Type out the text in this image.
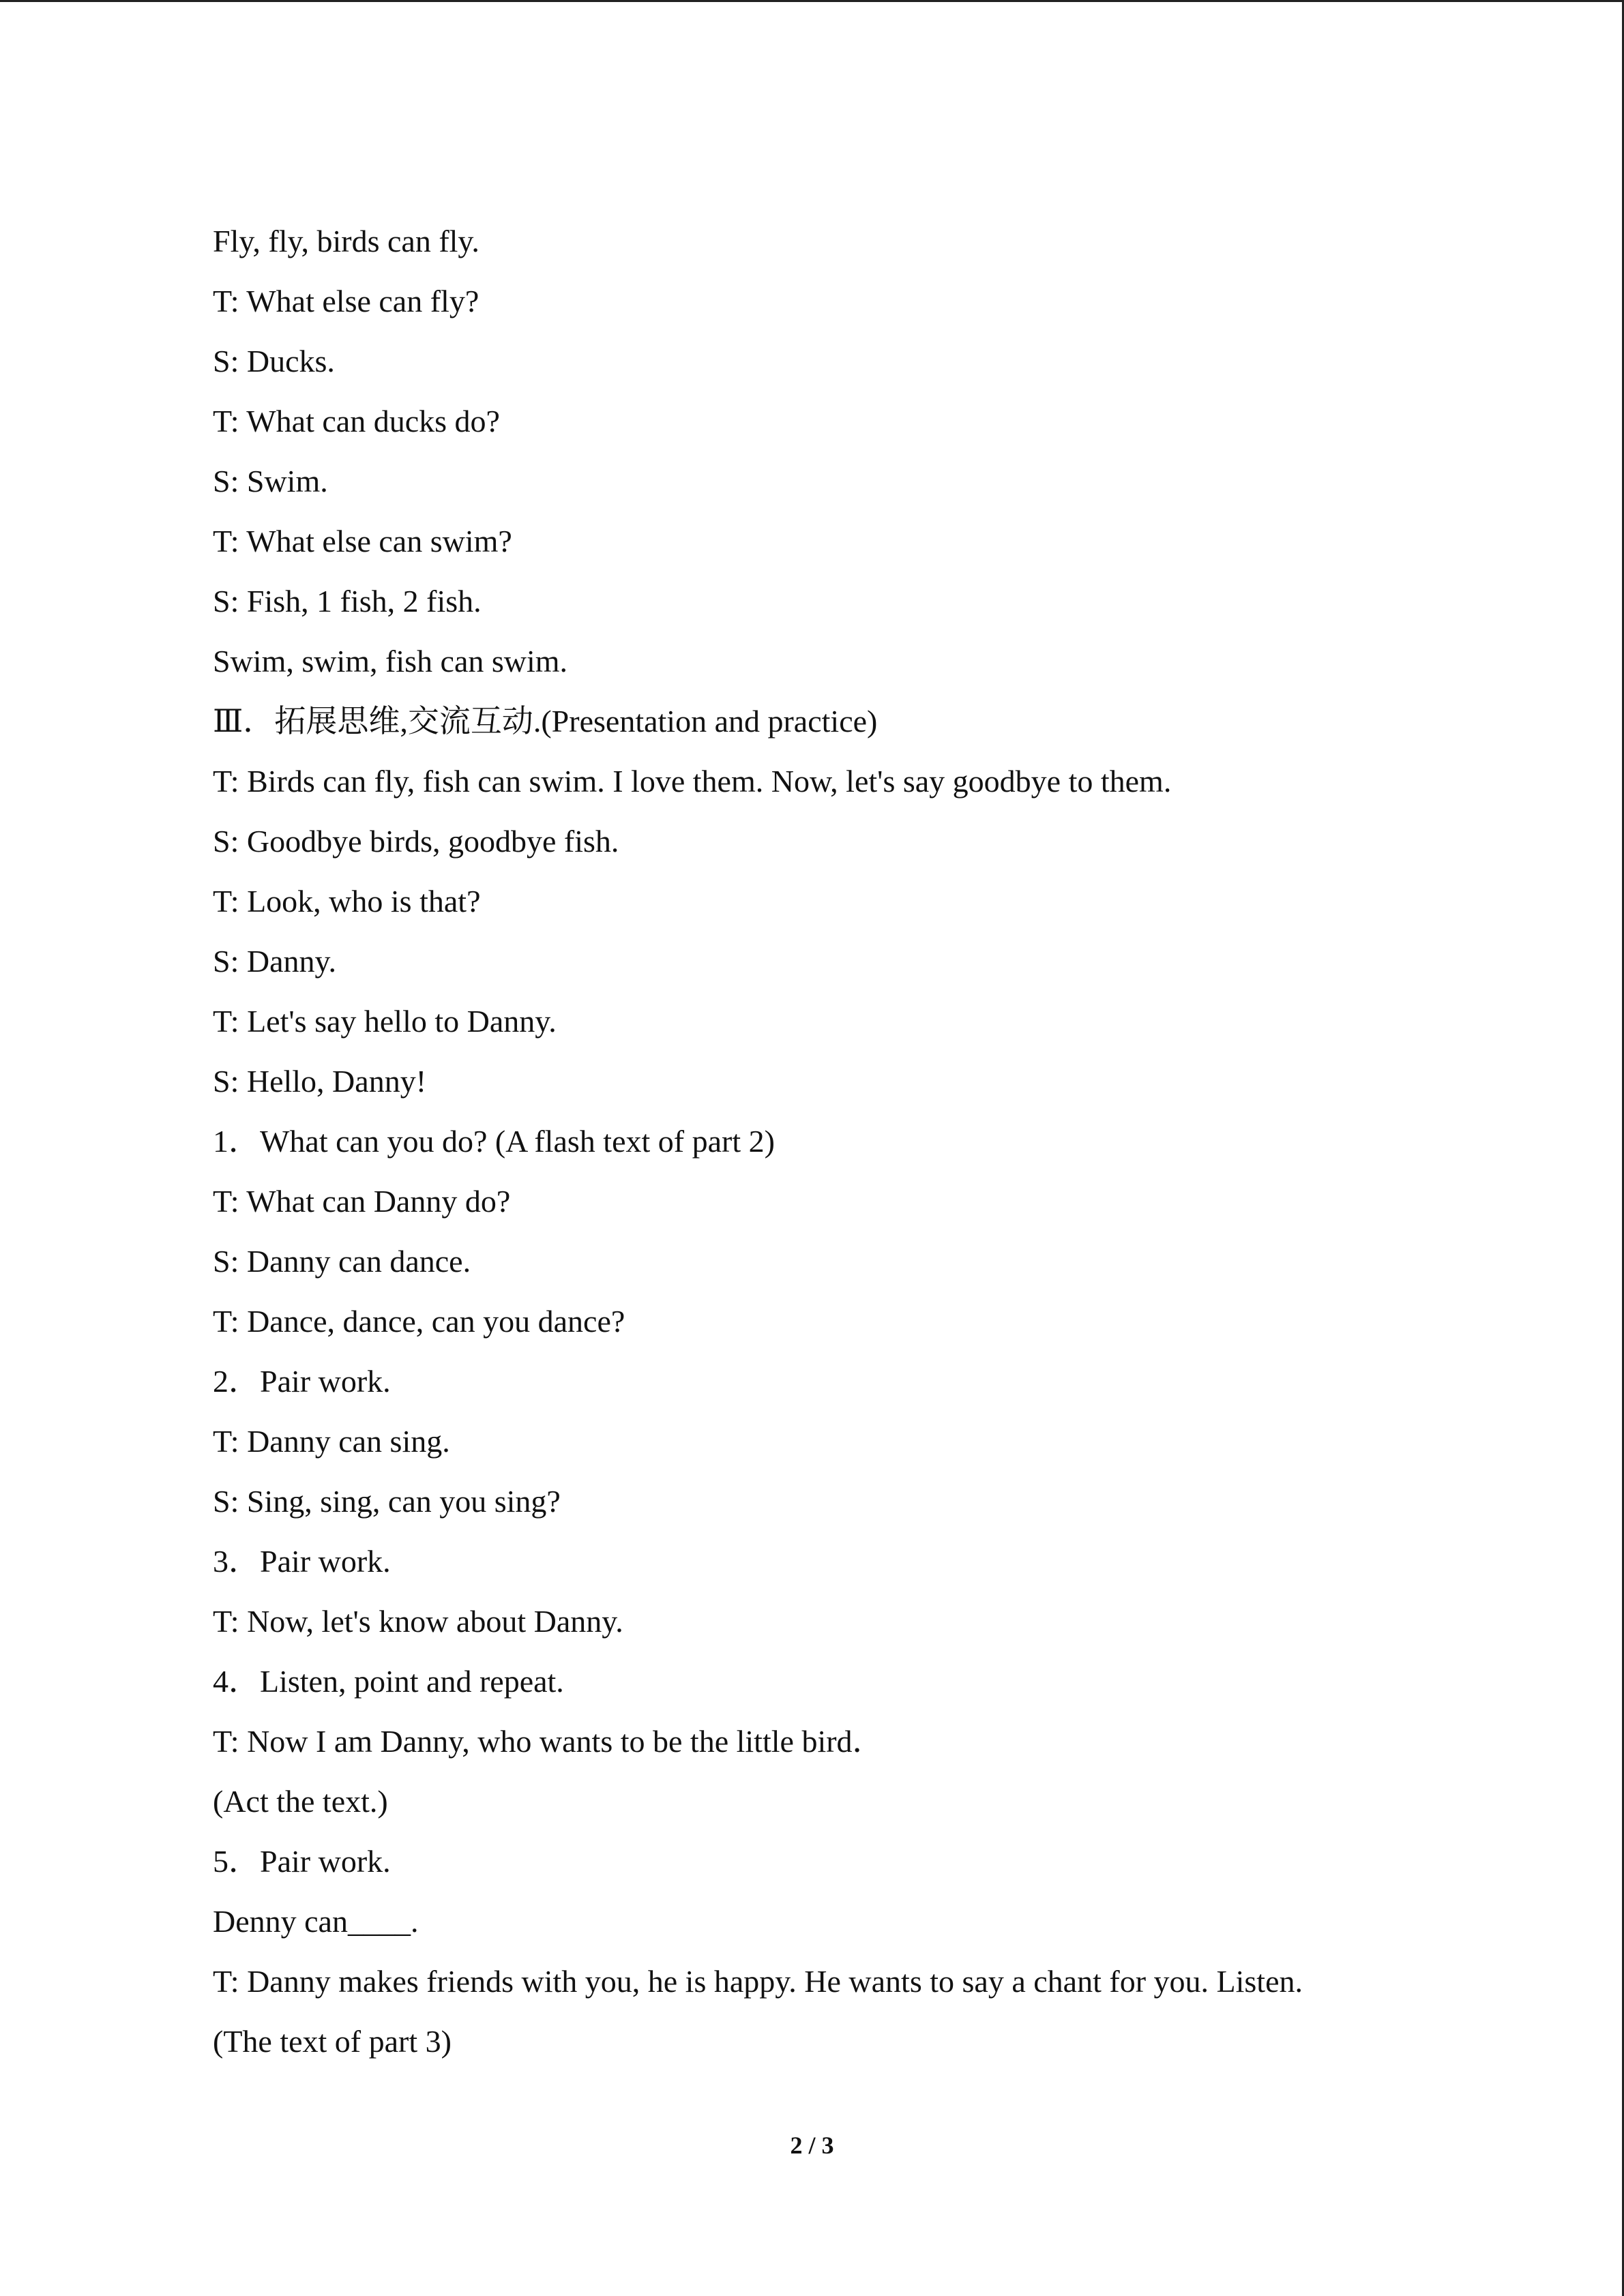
Fly, fly, birds can fly.
T: What else can fly?
S: Ducks.
T: What can ducks do?
S: Swim.
T: What else can swim?
S: Fish, 1 fish, 2 fish.
Swim, swim, fish can swim.
Ⅲ．拓展思维,交流互动.(Presentation and practice)
T: Birds can fly, fish can swim. I love them. Now, let's say goodbye to them.
S: Goodbye birds, goodbye fish.
T: Look, who is that?
S: Danny.
T: Let's say hello to Danny.
S: Hello, Danny!
1．What can you do? (A flash text of part 2)
T: What can Danny do?
S: Danny can dance.
T: Dance, dance, can you dance?
2．Pair work.
T: Danny can sing.
S: Sing, sing, can you sing?
3．Pair work.
T: Now, let's know about Danny.
4．Listen, point and repeat.
T: Now I am Danny, who wants to be the little bird．
(Act the text.)
5．Pair work.
Denny can____.
T: Danny makes friends with you, he is happy. He wants to say a chant for you. Listen.
(The text of part 3)
2 / 3
